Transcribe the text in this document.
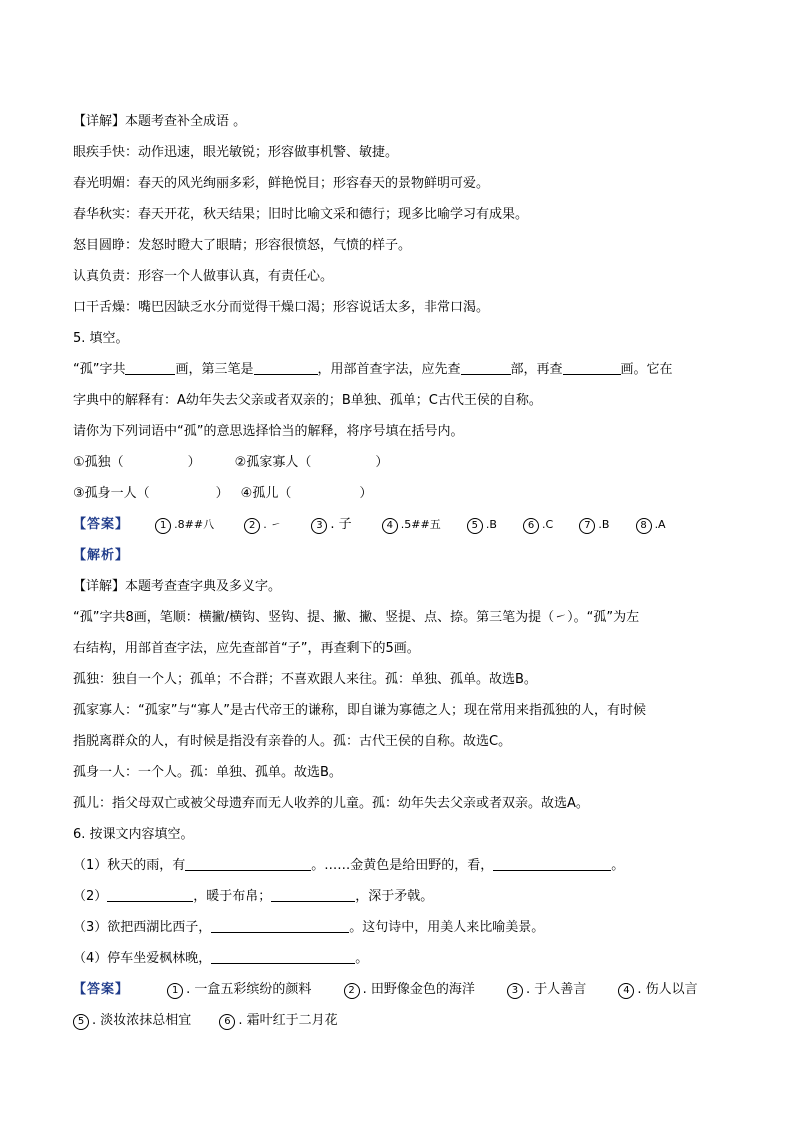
【详解】本题考查补全成语 。
眼疾手快：动作迅速，眼光敏锐；形容做事机警、敏捷。
春光明媚：春天的风光绚丽多彩，鲜艳悦目；形容春天的景物鲜明可爱。
春华秋实：春天开花，秋天结果；旧时比喻文采和德行；现多比喻学习有成果。
怒目圆睁：发怒时瞪大了眼睛；形容很愤怒，气愤的样子。
认真负责：形容一个人做事认真，有责任心。
口干舌燥：嘴巴因缺乏水分而觉得干燥口渴；形容说话太多，非常口渴。
5. 填空。
“孤”字共	画，第三笔是	，用部首查字法，应先查	部，再查	画。它在
字典中的解释有：A幼年失去父亲或者双亲的；B单独、孤单；C古代王侯的自称。
请你为下列词语中“孤”的意思选择恰当的解释，将序号填在括号内。
①孤独（	）	②孤家寡人（	）
③孤身一人（	） ④孤儿（	）
【答案】	1 .8##八	2 . ㇀	3 . 子	4 .5##五	5 .B	6 .C	7 .B	8 .A
【解析】
【详解】本题考查查字典及多义字。
“孤”字共8画，笔顺：横撇/横钩、竖钩、提、撇、撇、竖提、点、捺。第三笔为提（㇀）。“孤”为左
右结构，用部首查字法，应先查部首“子”，再查剩下的5画。
孤独：独自一个人；孤单；不合群；不喜欢跟人来往。孤：单独、孤单。故选B。
孤家寡人：“孤家”与“寡人”是古代帝王的谦称，即自谦为寡德之人；现在常用来指孤独的人，有时候
指脱离群众的人，有时候是指没有亲眷的人。孤：古代王侯的自称。故选C。
孤身一人：一个人。孤：单独、孤单。故选B。
孤儿：指父母双亡或被父母遗弃而无人收养的儿童。孤：幼年失去父亲或者双亲。故选A。
6. 按课文内容填空。
（1）秋天的雨，有	。……金黄色是给田野的，看，	。
（2）	，暖于布帛；	，深于矛戟。
（3）欲把西湖比西子，	。这句诗中，用美人来比喻美景。
（4）停车坐爱枫林晚，	。
【答案】	1 . 一盒五彩缤纷的颜料	2 . 田野像金色的海洋	3 . 于人善言	4 . 伤人以言
5 . 淡妆浓抹总相宜	6 . 霜叶红于二月花
